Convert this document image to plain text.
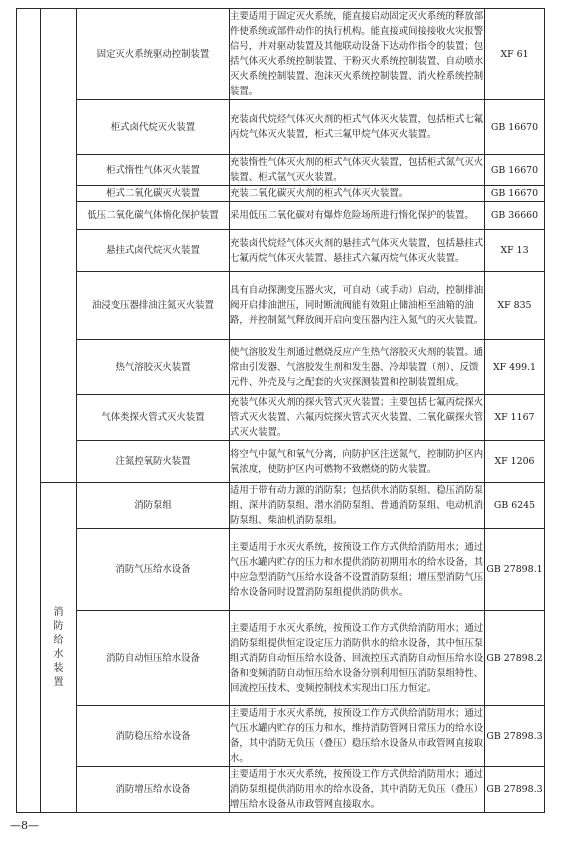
		固定灭火系统驱动控制装置	主要适用于固定灭火系统，能直接启动固定灭火系统的释放部件使系统或部件动作的执行机构。能直接或间接接收火灾报警信号，并对驱动装置及其他联动设备下达动作指令的装置；包括气体灭火系统控制装置、干粉灭火系统控制装置、自动喷水灭火系统控制装置、泡沫灭火系统控制装置、消火栓系统控制装置。	XF 61
		柜式卤代烷灭火装置	充装卤代烷烃气体灭火剂的柜式气体灭火装置，包括柜式七氟丙烷气体灭火装置，柜式三氟甲烷气体灭火装置。	GB 16670
		柜式惰性气体灭火装置	充装惰性气体灭火剂的柜式气体灭火装置，包括柜式氮气灭火装置、柜式氩气灭火装置。	GB 16670
		柜式二氧化碳灭火装置	充装二氧化碳灭火剂的柜式气体灭火装置。	GB 16670
		低压二氧化碳气体惰化保护装置	采用低压二氧化碳对有爆炸危险场所进行惰化保护的装置。	GB 36660
		悬挂式卤代烷灭火装置	充装卤代烷烃气体灭火剂的悬挂式气体灭火装置，包括悬挂式七氟丙烷气体灭火装置、悬挂式六氟丙烷气体灭火装置。	XF 13
		油浸变压器排油注氮灭火装置	具有自动探测变压器火灾，可自动（或手动）启动，控制排油阀开启排油泄压，同时断流阀能有效阻止储油柜至油箱的油路，并控制氮气释放阀开启向变压器内注入氮气的灭火装置。	XF 835
		热气溶胶灭火装置	使气溶胶发生剂通过燃烧反应产生热气溶胶灭火剂的装置。通常由引发器、气溶胶发生剂和发生器、冷却装置（剂）、反馈元件、外壳及与之配套的火灾探测装置和控制装置组成。	XF 499.1
		气体类探火管式灭火装置	充装气体灭火剂的探火管式灭火装置；主要包括七氟丙烷探火管式灭火装置、六氟丙烷探火管式灭火装置、二氧化碳探火管式灭火装置。	XF 1167
		注氮控氧防火装置	将空气中氮气和氧气分离，向防护区注送氮气，控制防护区内氧浓度，使防护区内可燃物不致燃烧的防火装置。	XF 1206
	消防给水装置	消防泵组	适用于带有动力源的消防泵；包括供水消防泵组、稳压消防泵组、深井消防泵组、潜水消防泵组、普通消防泵组、电动机消防泵组、柴油机消防泵组。	GB 6245
		消防气压给水设备	主要适用于水灭火系统，按预设工作方式供给消防用水；通过气压水罐内贮存的压力和水提供消防初期用水的给水设备，其中应急型消防气压给水设备不设置消防泵组；增压型消防气压给水设备同时设置消防泵组提供消防供水。	GB 27898.1
		消防自动恒压给水设备	主要适用于水灭火系统，按预设工作方式供给消防用水；通过消防泵组提供恒定设定压力消防供水的给水设备，其中恒压泵组式消防自动恒压给水设备、回流控压式消防自动恒压给水设备和变频消防自动恒压给水设备分别利用恒压消防泵组特性、回流控压技术、变频控制技术实现出口压力恒定。	GB 27898.2
		消防稳压给水设备	主要适用于水灭火系统，按预设工作方式供给消防用水；通过气压水罐内贮存的压力和水，维持消防管网日常压力的给水设备，其中消防无负压（叠压）稳压给水设备从市政管网直接取水。	GB 27898.3
		消防增压给水设备	主要适用于水灭火系统，按预设工作方式供给消防用水；通过消防泵组提供消防用水的给水设备，其中消防无负压（叠压）增压给水设备从市政管网直接取水。	GB 27898.3
—8—
